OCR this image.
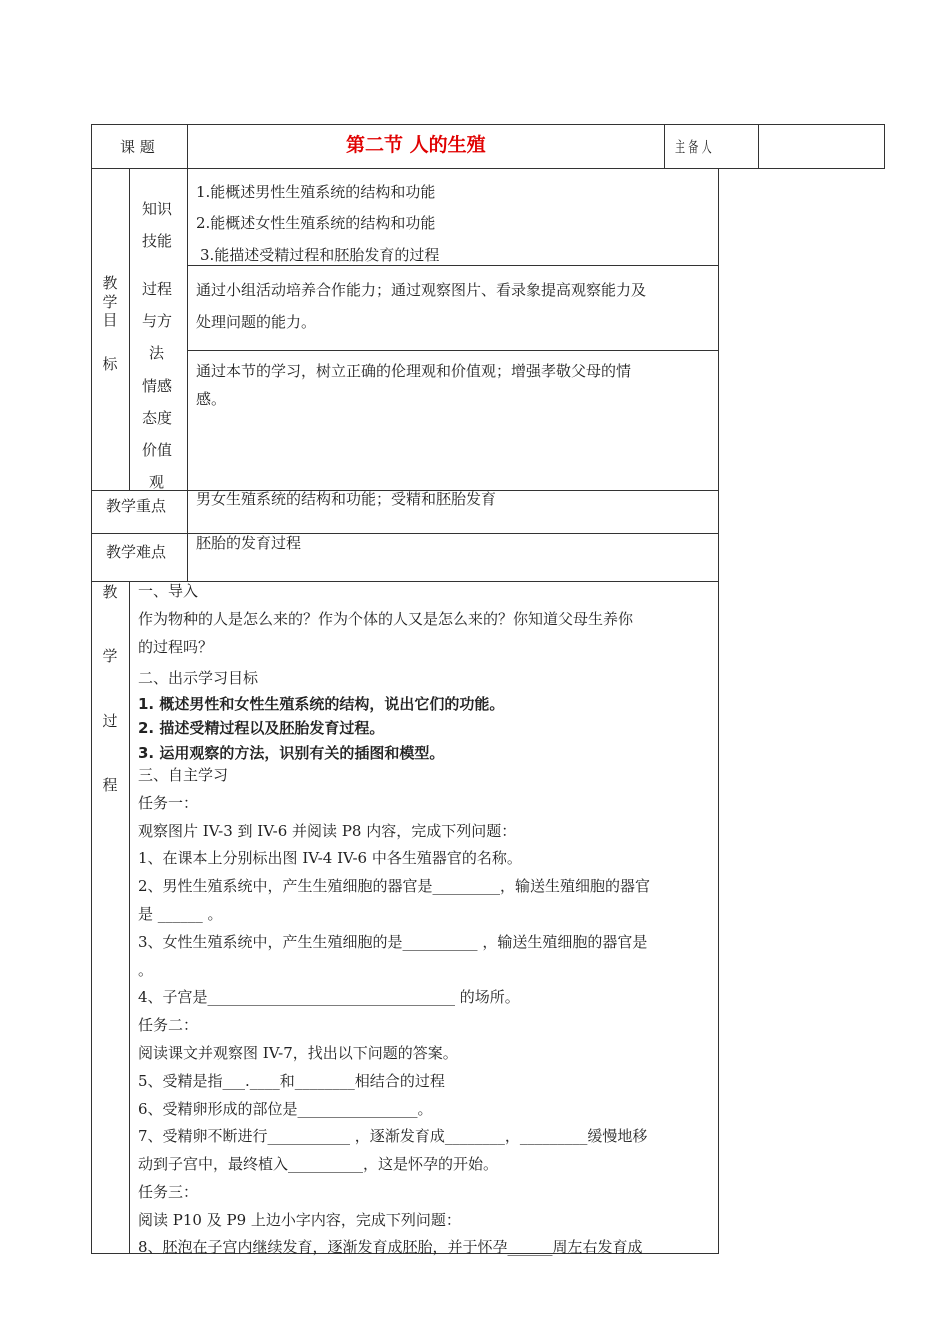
课 题	第二节 人的生殖	主 备 人
教
学
目
标
知识
技能
1.能概述男性生殖系统的结构和功能
2.能概述女性生殖系统的结构和功能
3.能描述受精过程和胚胎发育的过程
过程
与方
法
通过小组活动培养合作能力；通过观察图片、看录象提高观察能力及
处理问题的能力。
情感
态度
价值
观
通过本节的学习，树立正确的伦理观和价值观；增强孝敬父母的情
感。
教学重点 男女生殖系统的结构和功能；受精和胚胎发育
教学难点 胚胎的发育过程
教
学
过
程
一、导入
作为物种的人是怎么来的？作为个体的人又是怎么来的？你知道父母生养你
的过程吗？
二、出示学习目标
1. 概述男性和女性生殖系统的结构，说出它们的功能。
2. 描述受精过程以及胚胎发育过程。
3. 运用观察的方法，识别有关的插图和模型。
三、自主学习
任务一：
观察图片 IV-3 到 IV-6 并阅读 P8 内容，完成下列问题：
1、在课本上分别标出图 IV-4 IV-6 中各生殖器官的名称。
2、男性生殖系统中，产生生殖细胞的器官是_________，输送生殖细胞的器官
是 ______ 。
3、女性生殖系统中，产生生殖细胞的是__________ ，输送生殖细胞的器官是
。
4、子宫是_________________________________ 的场所。
任务二：
阅读课文并观察图 IV-7，找出以下问题的答案。
5、受精是指___.____和________相结合的过程
6、受精卵形成的部位是________________。
7、受精卵不断进行___________ ，逐渐发育成________，_________缓慢地移
动到子宫中，最终植入__________，这是怀孕的开始。
任务三：
阅读 P10 及 P9 上边小字内容，完成下列问题：
8、胚泡在子宫内继续发育，逐渐发育成胚胎，并于怀孕______周左右发育成
